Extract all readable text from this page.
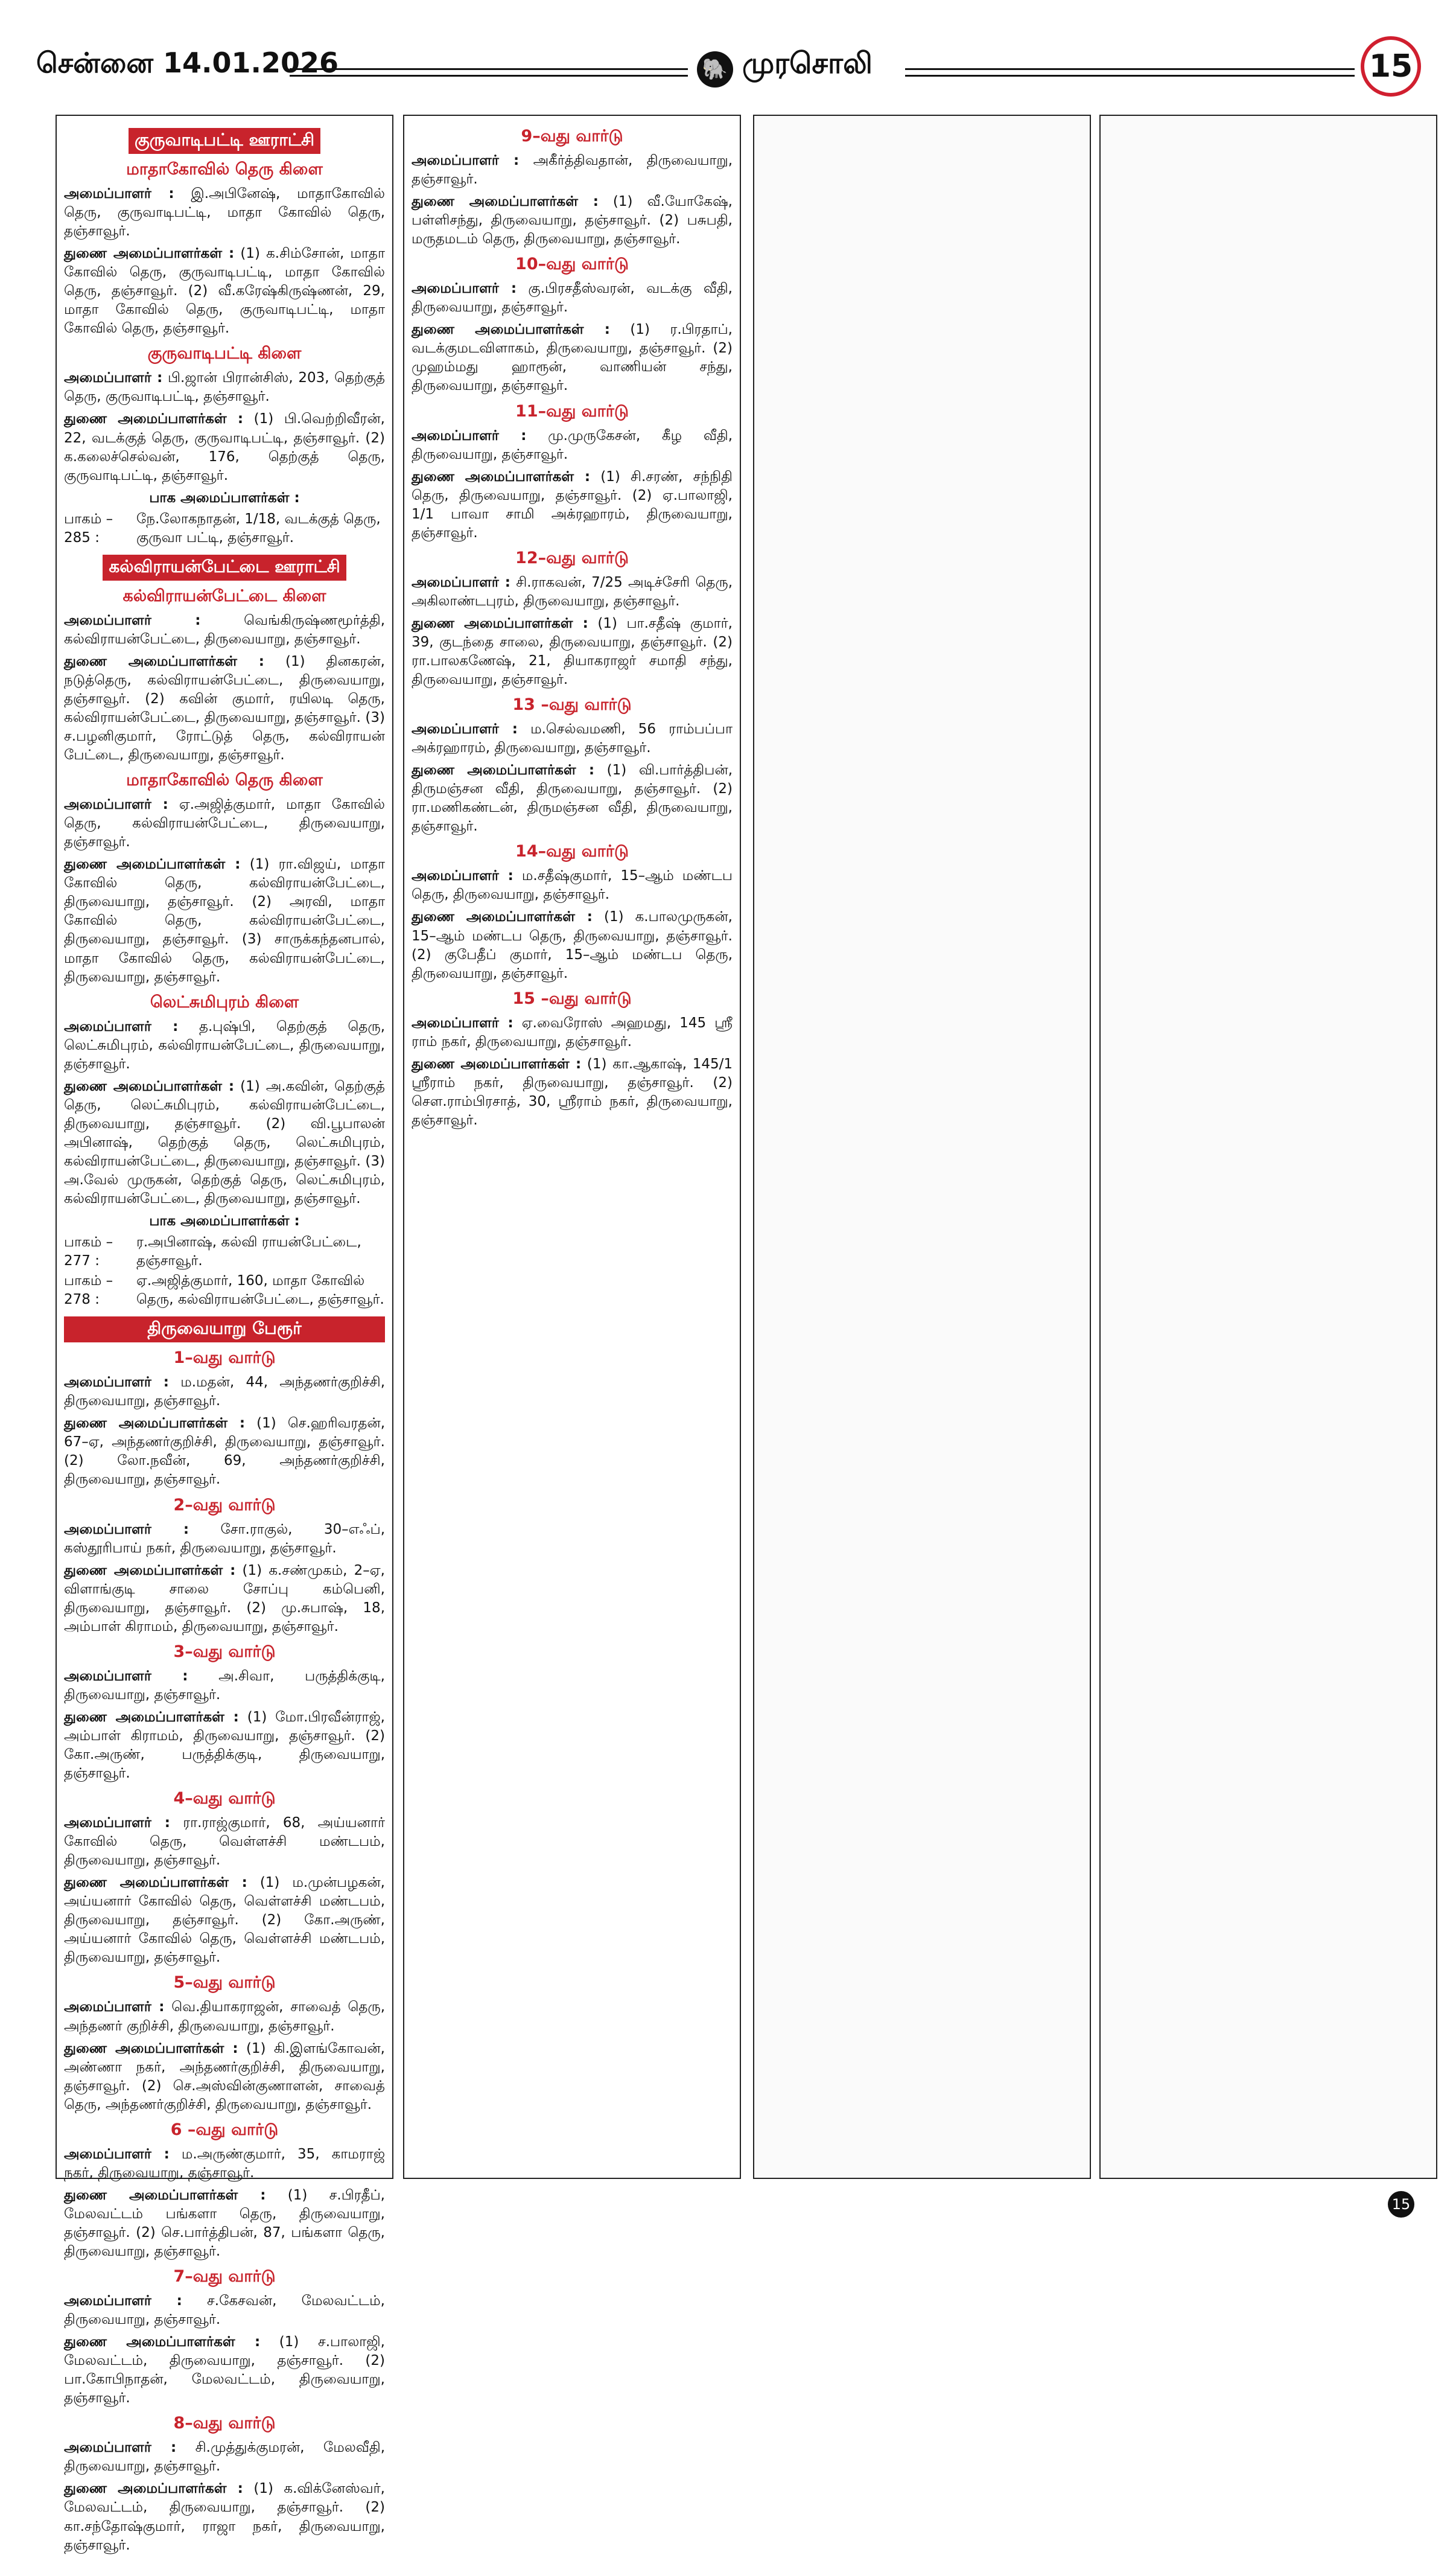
சென்னை 14.01.2026	🐘 முரசொலி	15
குருவாடிபட்டி ஊராட்சி
மாதாகோவில் தெரு கிளை
அமைப்பாளர் : இ.அபினேஷ், மாதாகோவில் தெரு, குருவாடிபட்டி, மாதா கோவில் தெரு, தஞ்சாவூர்.
துணை அமைப்பாளர்கள் : (1) க.சிம்சோன், மாதா கோவில் தெரு, குருவாடிபட்டி, மாதா கோவில் தெரு, தஞ்சாவூர். (2) வீ.கரேஷ்கிருஷ்ணன், 29, மாதா கோவில் தெரு, குருவாடிபட்டி, மாதா கோவில் தெரு, தஞ்சாவூர்.
குருவாடிபட்டி கிளை
அமைப்பாளர் : பி.ஜான் பிரான்சிஸ், 203, தெற்குத் தெரு, குருவாடிபட்டி, தஞ்சாவூர்.
துணை அமைப்பாளர்கள் : (1) பி.வெற்றிவீரன், 22, வடக்குத் தெரு, குருவாடிபட்டி, தஞ்சாவூர். (2) க.கலைச்செல்வன், 176, தெற்குத் தெரு, குருவாடிபட்டி, தஞ்சாவூர்.
பாக அமைப்பாளர்கள் :
பாகம் – 285 :
நே.லோகநாதன், 1/18, வடக்குத் தெரு, குருவா பட்டி, தஞ்சாவூர்.
கல்விராயன்பேட்டை ஊராட்சி
கல்விராயன்பேட்டை கிளை
அமைப்பாளர் :	வெங்கிருஷ்ணமூர்த்தி, கல்விராயன்பேட்டை, திருவையாறு, தஞ்சாவூர்.
துணை அமைப்பாளர்கள் : (1) தினகரன், நடுத்தெரு, கல்விராயன்பேட்டை, திருவையாறு, தஞ்சாவூர். (2) கவின் குமார், ரயிலடி தெரு, கல்விராயன்பேட்டை, திருவையாறு, தஞ்சாவூர். (3) ச.பழனிகுமார், ரோட்டுத் தெரு, கல்விராயன் பேட்டை, திருவையாறு, தஞ்சாவூர்.
மாதாகோவில் தெரு கிளை
அமைப்பாளர் : ஏ.அஜித்குமார், மாதா கோவில் தெரு, கல்விராயன்பேட்டை, திருவையாறு, தஞ்சாவூர்.
துணை அமைப்பாளர்கள் : (1) ரா.விஜய், மாதா கோவில் தெரு, கல்விராயன்பேட்டை, திருவையாறு, தஞ்சாவூர். (2) அரவி, மாதா கோவில் தெரு, கல்விராயன்பேட்டை, திருவையாறு, தஞ்சாவூர். (3) சாருக்கந்தனபால், மாதா கோவில் தெரு, கல்விராயன்பேட்டை, திருவையாறு, தஞ்சாவூர்.
லெட்சுமிபுரம் கிளை
அமைப்பாளர் : த.புஷ்பி, தெற்குத் தெரு, லெட்சுமிபுரம், கல்விராயன்பேட்டை, திருவையாறு, தஞ்சாவூர்.
துணை அமைப்பாளர்கள் : (1) அ.கவின், தெற்குத் தெரு, லெட்சுமிபுரம், கல்விராயன்பேட்டை, திருவையாறு, தஞ்சாவூர். (2) வி.பூபாலன் அபினாஷ், தெற்குத் தெரு, லெட்சுமிபுரம், கல்விராயன்பேட்டை, திருவையாறு, தஞ்சாவூர். (3) அ.வேல் முருகன், தெற்குத் தெரு, லெட்சுமிபுரம், கல்விராயன்பேட்டை, திருவையாறு, தஞ்சாவூர்.
பாக அமைப்பாளர்கள் :
பாகம் – 277 :
ர.அபினாஷ், கல்வி ராயன்பேட்டை, தஞ்சாவூர்.
பாகம் – 278 :
ஏ.அஜித்குமார், 160, மாதா கோவில் தெரு, கல்விராயன்பேட்டை, தஞ்சாவூர்.
திருவையாறு பேரூர்
1–வது வார்டு
அமைப்பாளர் : ம.மதன், 44, அந்தணர்குறிச்சி, திருவையாறு, தஞ்சாவூர்.
துணை அமைப்பாளர்கள் : (1) செ.ஹரிவரதன், 67–ஏ, அந்தணர்குறிச்சி, திருவையாறு, தஞ்சாவூர். (2) லோ.நவீன், 69, அந்தணர்குறிச்சி, திருவையாறு, தஞ்சாவூர்.
2–வது வார்டு
அமைப்பாளர் : சோ.ராகுல், 30–எஃப், கஸ்தூரிபாய் நகர், திருவையாறு, தஞ்சாவூர்.
துணை அமைப்பாளர்கள் : (1) க.சண்முகம், 2–ஏ, விளாங்குடி சாலை சோப்பு கம்பெனி, திருவையாறு, தஞ்சாவூர். (2) மு.சுபாஷ், 18, அம்பாள் கிராமம், திருவையாறு, தஞ்சாவூர்.
3–வது வார்டு
அமைப்பாளர் : அ.சிவா, பருத்திக்குடி, திருவையாறு, தஞ்சாவூர்.
துணை அமைப்பாளர்கள் : (1) மோ.பிரவீன்ராஜ், அம்பாள் கிராமம், திருவையாறு, தஞ்சாவூர். (2) கோ.அருண், பருத்திக்குடி, திருவையாறு, தஞ்சாவூர்.
4–வது வார்டு
அமைப்பாளர் : ரா.ராஜ்குமார், 68, அய்யனார் கோவில் தெரு, வெள்ளச்சி மண்டபம், திருவையாறு, தஞ்சாவூர்.
துணை அமைப்பாளர்கள் : (1) ம.முன்பழகன், அய்யனார் கோவில் தெரு, வெள்ளச்சி மண்டபம், திருவையாறு, தஞ்சாவூர். (2) கோ.அருண், அய்யனார் கோவில் தெரு, வெள்ளச்சி மண்டபம், திருவையாறு, தஞ்சாவூர்.
5–வது வார்டு
அமைப்பாளர் : வெ.தியாகராஜன், சாவைத் தெரு, அந்தணர் குறிச்சி, திருவையாறு, தஞ்சாவூர்.
துணை அமைப்பாளர்கள் : (1) கி.இளங்கோவன், அண்ணா நகர், அந்தணர்குறிச்சி, திருவையாறு, தஞ்சாவூர். (2) செ.அஸ்வின்குணாளன், சாவைத் தெரு, அந்தணர்குறிச்சி, திருவையாறு, தஞ்சாவூர்.
6 –வது வார்டு
அமைப்பாளர் : ம.அருண்குமார், 35, காமராஜ் நகர், திருவையாறு, தஞ்சாவூர்.
துணை அமைப்பாளர்கள் : (1) ச.பிரதீப், மேலவட்டம் பங்களா தெரு, திருவையாறு, தஞ்சாவூர். (2) செ.பார்த்திபன், 87, பங்களா தெரு, திருவையாறு, தஞ்சாவூர்.
7–வது வார்டு
அமைப்பாளர் : ச.கேசவன், மேலவட்டம், திருவையாறு, தஞ்சாவூர்.
துணை அமைப்பாளர்கள் : (1) ச.பாலாஜி, மேலவட்டம், திருவையாறு, தஞ்சாவூர். (2) பா.கோபிநாதன், மேலவட்டம், திருவையாறு, தஞ்சாவூர்.
8–வது வார்டு
அமைப்பாளர் : சி.முத்துக்குமரன், மேலவீதி, திருவையாறு, தஞ்சாவூர்.
துணை அமைப்பாளர்கள் : (1) க.விக்னேஸ்வர், மேலவட்டம், திருவையாறு, தஞ்சாவூர். (2) கா.சந்தோஷ்குமார், ராஜா நகர், திருவையாறு, தஞ்சாவூர்.
9–வது வார்டு
அமைப்பாளர் : அகீர்த்திவதான், திருவையாறு, தஞ்சாவூர்.
துணை அமைப்பாளர்கள் : (1) வீ.யோகேஷ், பள்ளிசந்து, திருவையாறு, தஞ்சாவூர். (2) பசுபதி, மருதமடம் தெரு, திருவையாறு, தஞ்சாவூர்.
10–வது வார்டு
அமைப்பாளர் : கு.பிரசதீஸ்வரன், வடக்கு வீதி, திருவையாறு, தஞ்சாவூர்.
துணை அமைப்பாளர்கள் : (1) ர.பிரதாப், வடக்குமடவிளாகம், திருவையாறு, தஞ்சாவூர். (2) முஹம்மது ஹாரூன், வாணியன் சந்து, திருவையாறு, தஞ்சாவூர்.
11–வது வார்டு
அமைப்பாளர் : மு.முருகேசன், கீழ வீதி, திருவையாறு, தஞ்சாவூர்.
துணை அமைப்பாளர்கள் : (1) சி.சரண், சந்நிதி தெரு, திருவையாறு, தஞ்சாவூர். (2) ஏ.பாலாஜி, 1/1 பாவா சாமி அக்ரஹாரம், திருவையாறு, தஞ்சாவூர்.
12–வது வார்டு
அமைப்பாளர் : சி.ராகவன், 7/25 அடிச்சேரி தெரு, அகிலாண்டபுரம், திருவையாறு, தஞ்சாவூர்.
துணை அமைப்பாளர்கள் : (1) பா.சதீஷ் குமார், 39, குடந்தை சாலை, திருவையாறு, தஞ்சாவூர். (2) ரா.பாலகணேஷ், 21, தியாகராஜர் சமாதி சந்து, திருவையாறு, தஞ்சாவூர்.
13 –வது வார்டு
அமைப்பாளர் : ம.செல்வமணி, 56 ராம்பப்பா அக்ரஹாரம், திருவையாறு, தஞ்சாவூர்.
துணை அமைப்பாளர்கள் : (1) வி.பார்த்திபன், திருமஞ்சன வீதி, திருவையாறு, தஞ்சாவூர். (2) ரா.மணிகண்டன், திருமஞ்சன வீதி, திருவையாறு, தஞ்சாவூர்.
14–வது வார்டு
அமைப்பாளர் : ம.சதீஷ்குமார், 15–ஆம் மண்டப தெரு, திருவையாறு, தஞ்சாவூர்.
துணை அமைப்பாளர்கள் : (1) க.பாலமுருகன், 15–ஆம் மண்டப தெரு, திருவையாறு, தஞ்சாவூர். (2) குபேதீப் குமார், 15–ஆம் மண்டப தெரு, திருவையாறு, தஞ்சாவூர்.
15 –வது வார்டு
அமைப்பாளர் : ஏ.வைரோஸ் அஹமது, 145 ஸ்ரீ ராம் நகர், திருவையாறு, தஞ்சாவூர்.
துணை அமைப்பாளர்கள் : (1) கா.ஆகாஷ், 145/1 ஸ்ரீராம் நகர், திருவையாறு, தஞ்சாவூர். (2) சௌ.ராம்பிரசாத், 30, ஸ்ரீராம் நகர், திருவையாறு, தஞ்சாவூர்.
15
